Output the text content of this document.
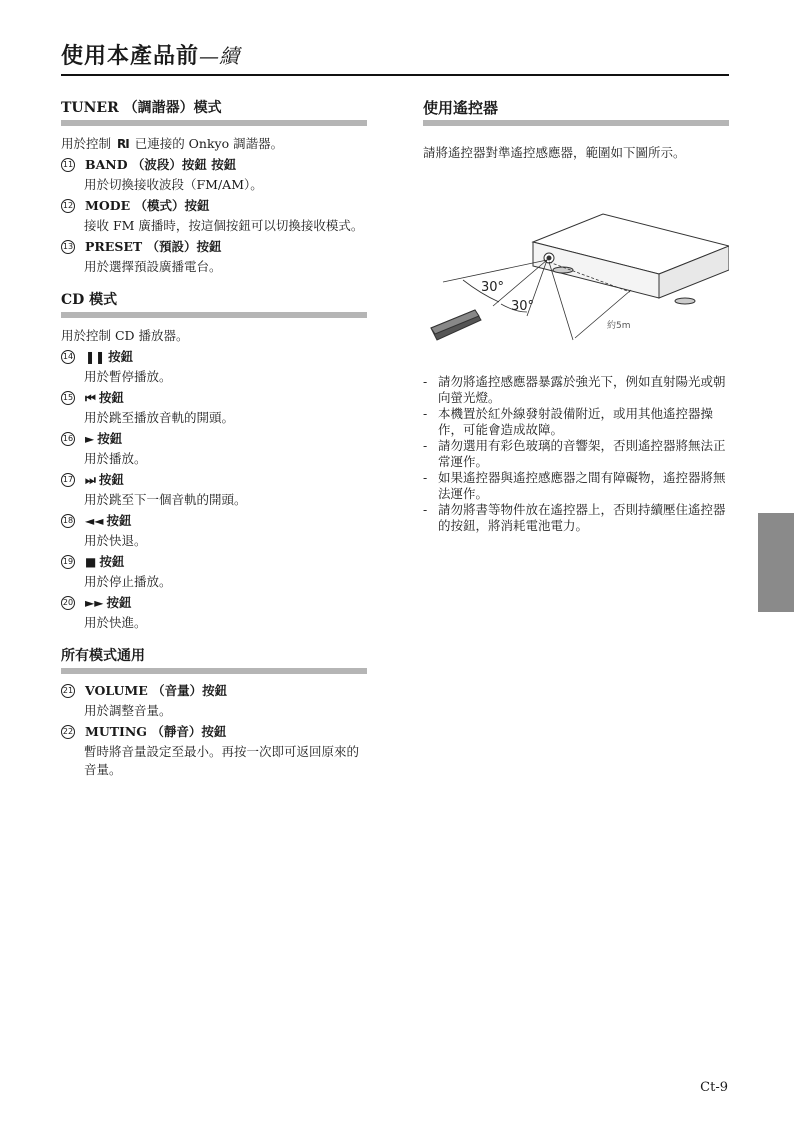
使用本產品前—續
TUNER （調諧器）模式
用於控制 RI 已連接的 Onkyo 調諧器。
11 BAND （波段）按鈕 按鈕
用於切換接收波段（FM/AM）。
12 MODE （模式）按鈕
接收 FM 廣播時，按這個按鈕可以切換接收模式。
13 PRESET （預設）按鈕
用於選擇預設廣播電台。
CD 模式
用於控制 CD 播放器。
14 ❚❚ 按鈕
用於暫停播放。
15 ⏮ 按鈕
用於跳至播放音軌的開頭。
16 ► 按鈕
用於播放。
17 ⏭ 按鈕
用於跳至下一個音軌的開頭。
18 ◄◄ 按鈕
用於快退。
19 ■ 按鈕
用於停止播放。
20 ►► 按鈕
用於快進。
所有模式通用
21 VOLUME （音量）按鈕
用於調整音量。
22 MUTING （靜音）按鈕
暫時將音量設定至最小。再按一次即可返回原來的音量。
使用遙控器
請將遙控器對準遙控感應器，範圍如下圖所示。
30°
30°
約5m
- 請勿將遙控感應器暴露於強光下，例如直射陽光或朝向螢光燈。
- 本機置於紅外線發射設備附近，或用其他遙控器操作，可能會造成故障。
- 請勿選用有彩色玻璃的音響架，否則遙控器將無法正常運作。
- 如果遙控器與遙控感應器之間有障礙物，遙控器將無法運作。
- 請勿將書等物件放在遙控器上，否則持續壓住遙控器的按鈕，將消耗電池電力。
Ct-9
